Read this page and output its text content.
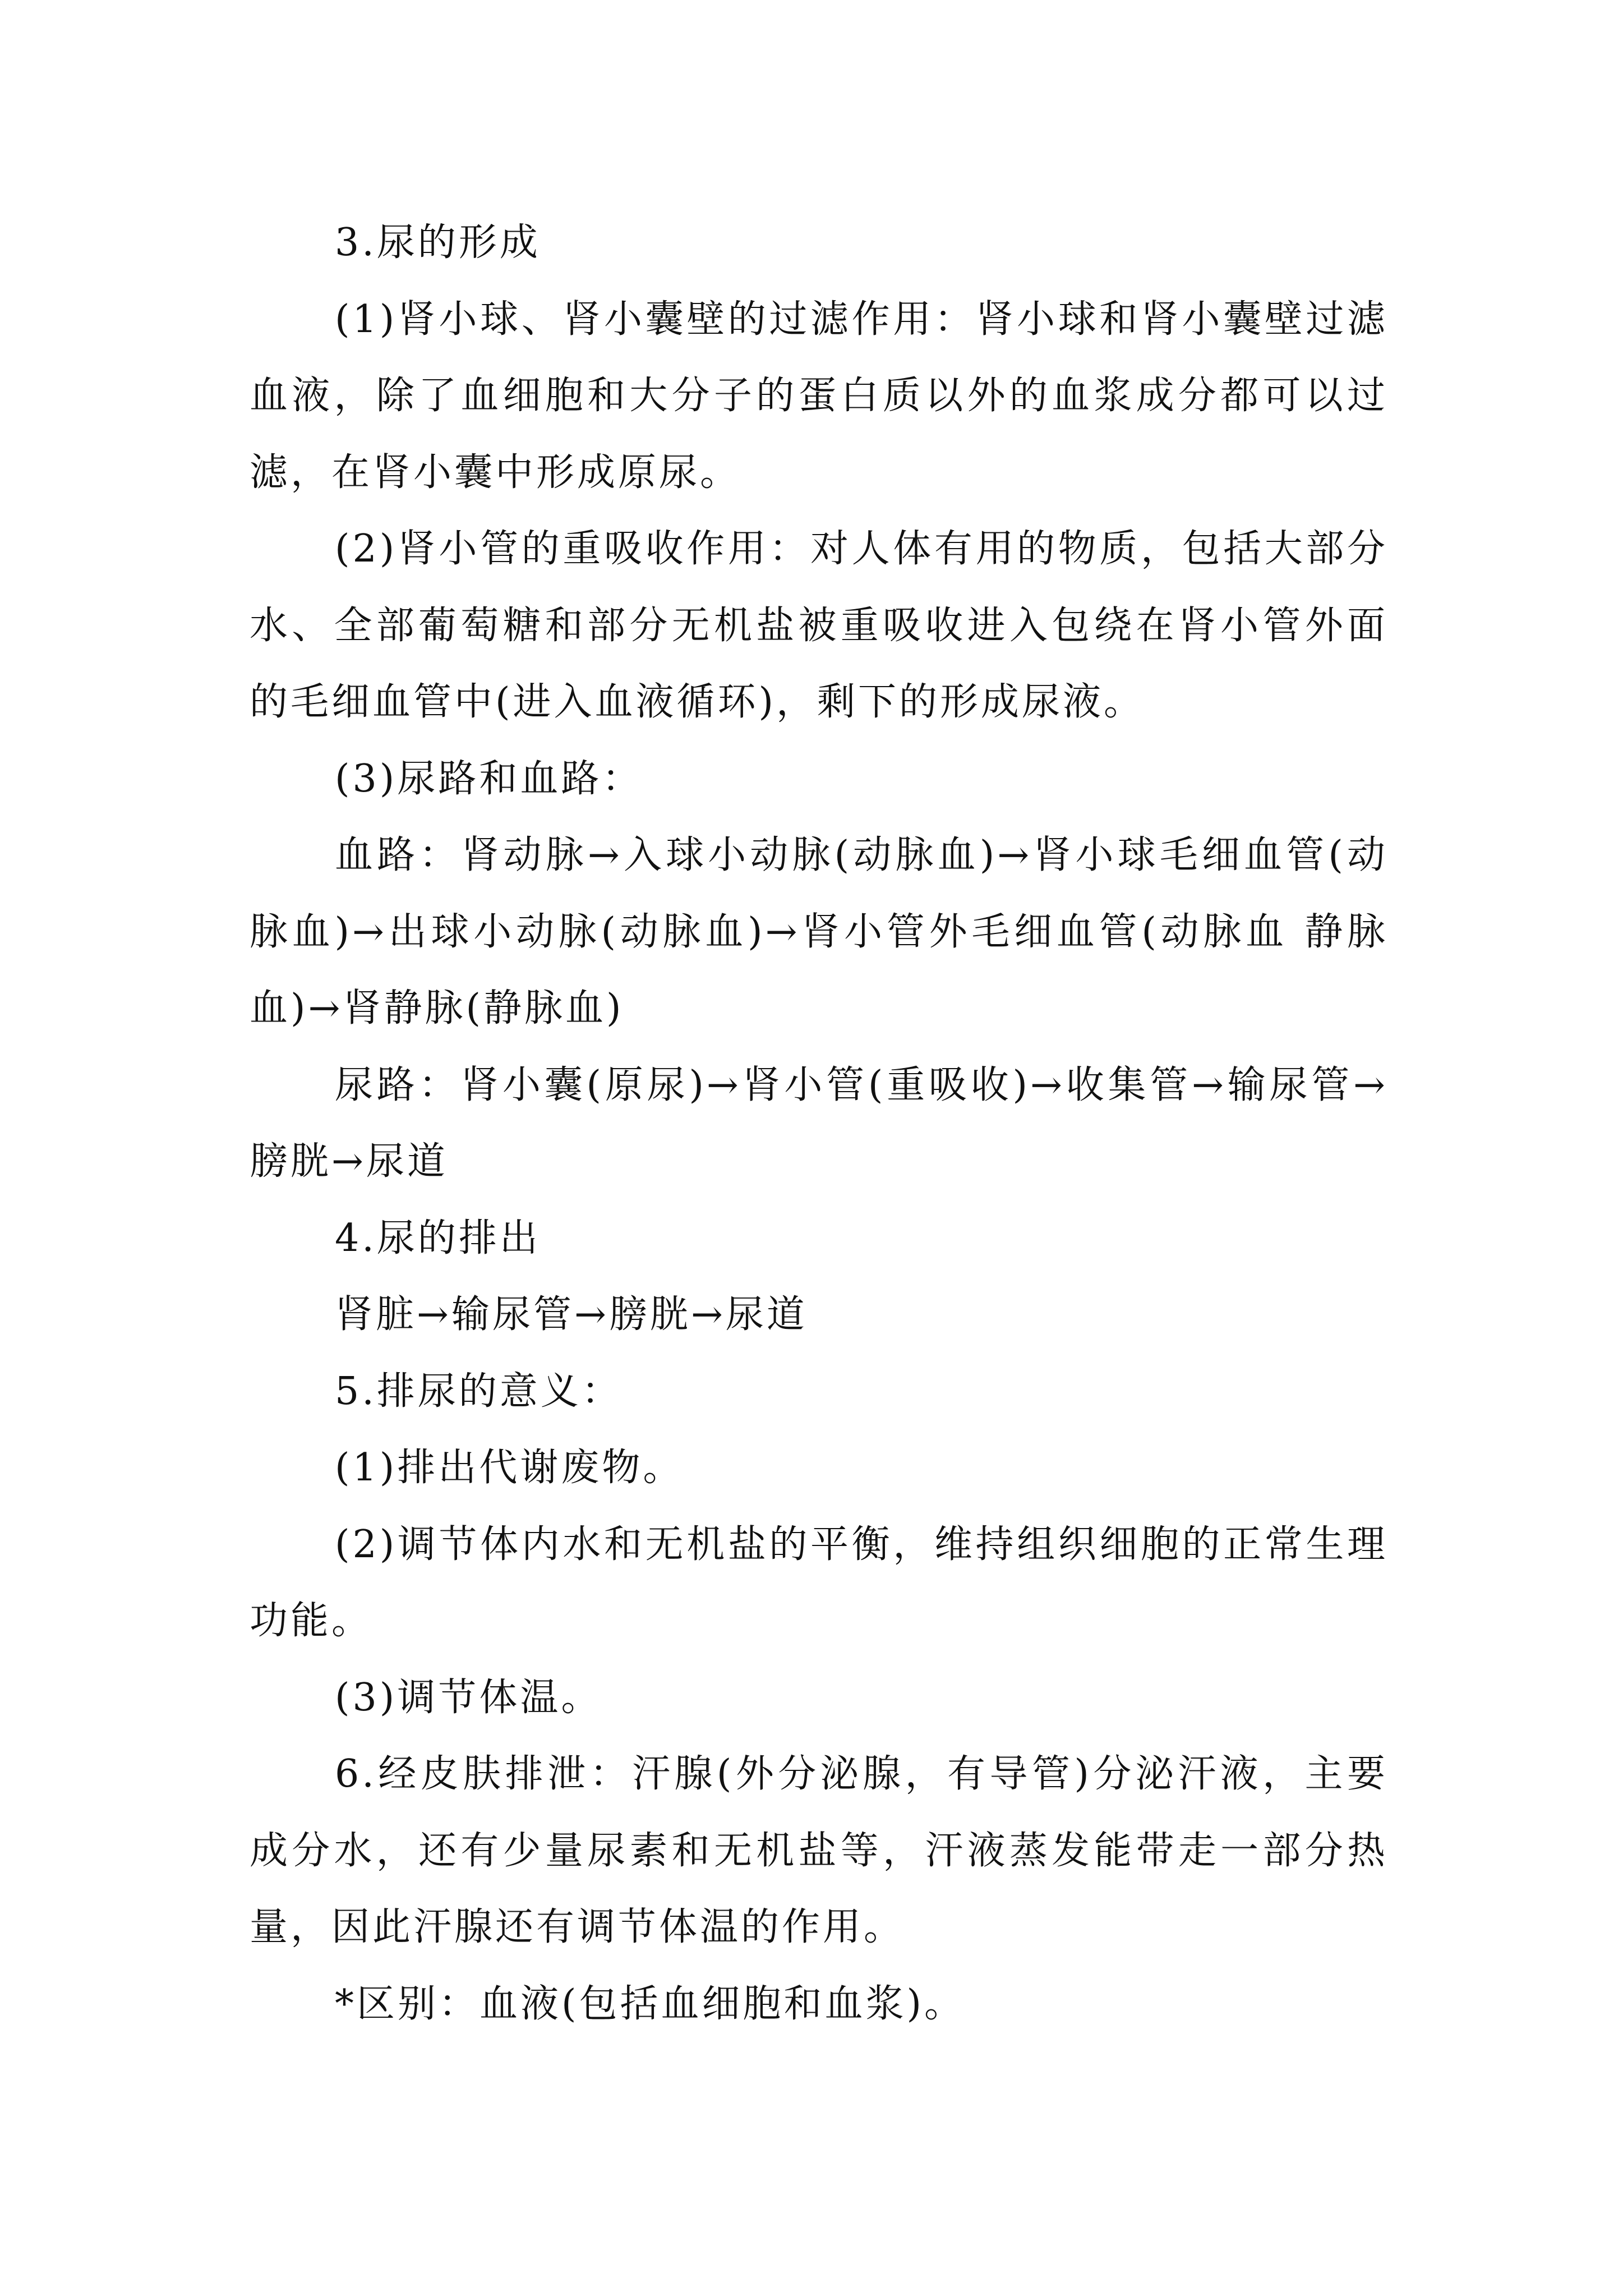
3.尿的形成

(1)肾小球、肾小囊壁的过滤作用：肾小球和肾小囊壁过滤血液，除了血细胞和大分子的蛋白质以外的血浆成分都可以过滤，在肾小囊中形成原尿。

(2)肾小管的重吸收作用：对人体有用的物质，包括大部分水、全部葡萄糖和部分无机盐被重吸收进入包绕在肾小管外面的毛细血管中(进入血液循环)，剩下的形成尿液。

(3)尿路和血路：

血路：肾动脉→入球小动脉(动脉血)→肾小球毛细血管(动脉血)→出球小动脉(动脉血)→肾小管外毛细血管(动脉血 静脉血)→肾静脉(静脉血)

尿路：肾小囊(原尿)→肾小管(重吸收)→收集管→输尿管→膀胱→尿道

4.尿的排出

肾脏→输尿管→膀胱→尿道

5.排尿的意义：

(1)排出代谢废物。

(2)调节体内水和无机盐的平衡，维持组织细胞的正常生理功能。

(3)调节体温。

6.经皮肤排泄：汗腺(外分泌腺，有导管)分泌汗液，主要成分水，还有少量尿素和无机盐等，汗液蒸发能带走一部分热量，因此汗腺还有调节体温的作用。

*区别：血液(包括血细胞和血浆)。
